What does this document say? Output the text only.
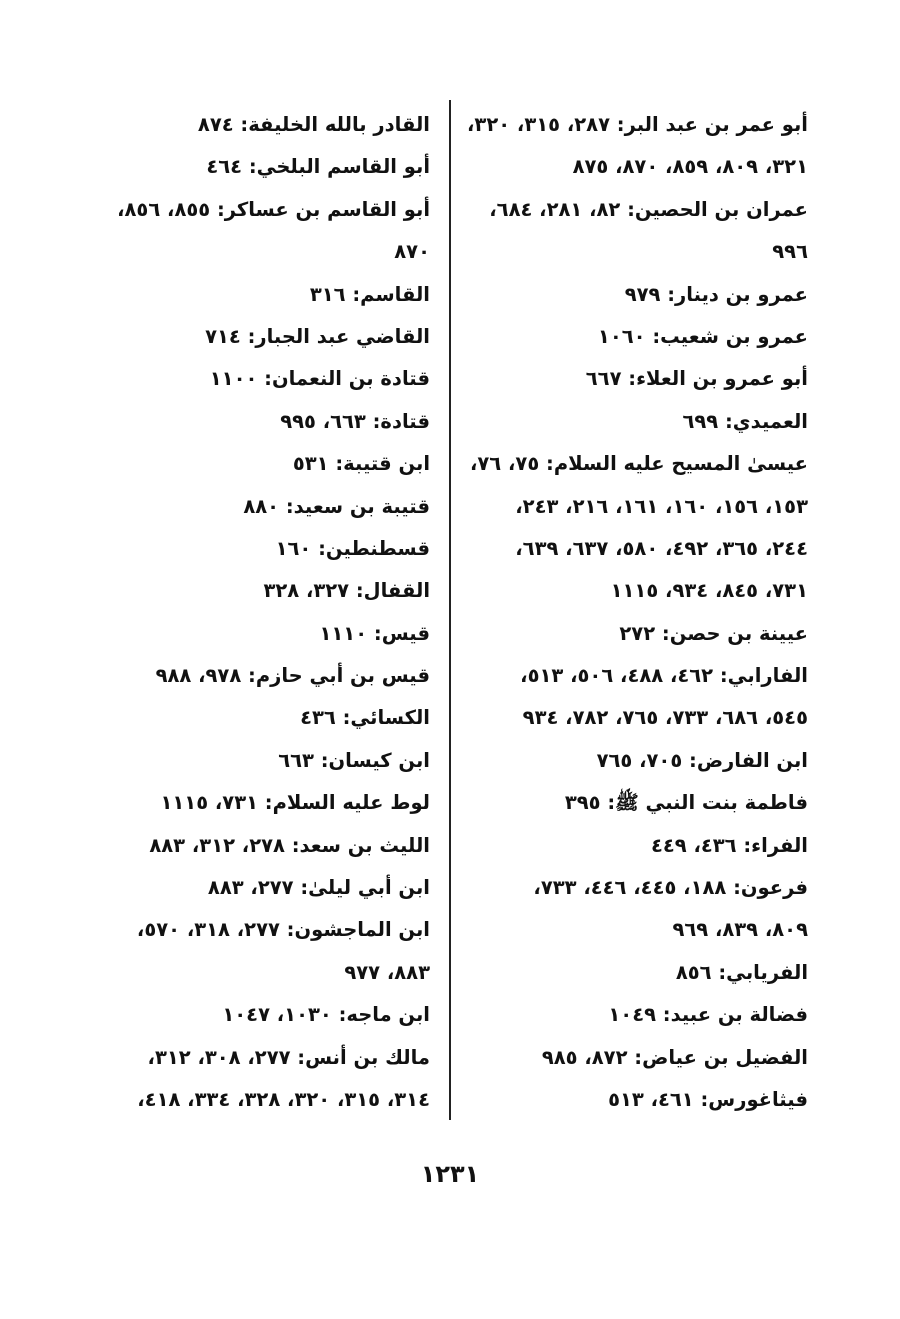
أبو عمر بن عبد البر: ٢٨٧، ٣١٥، ٣٢٠،
٣٢١، ٨٠٩، ٨٥٩، ٨٧٠، ٨٧٥
عمران بن الحصين: ٨٢، ٢٨١، ٦٨٤،
٩٩٦
عمرو بن دينار: ٩٧٩
عمرو بن شعيب: ١٠٦٠
أبو عمرو بن العلاء: ٦٦٧
العميدي: ٦٩٩
عيسىٰ المسيح عليه السلام: ٧٥، ٧٦،
١٥٣، ١٥٦، ١٦٠، ١٦١، ٢١٦، ٢٤٣،
٢٤٤، ٣٦٥، ٤٩٢، ٥٨٠، ٦٣٧، ٦٣٩،
٧٣١، ٨٤٥، ٩٣٤، ١١١٥
عيينة بن حصن: ٢٧٢
الفارابي: ٤٦٢، ٤٨٨، ٥٠٦، ٥١٣،
٥٤٥، ٦٨٦، ٧٣٣، ٧٦٥، ٧٨٢، ٩٣٤
ابن الفارض: ٧٠٥، ٧٦٥
فاطمة بنت النبي ﷺ: ٣٩٥
الفراء: ٤٣٦، ٤٤٩
فرعون: ١٨٨، ٤٤٥، ٤٤٦، ٧٣٣،
٨٠٩، ٨٣٩، ٩٦٩
الفريابي: ٨٥٦
فضالة بن عبيد: ١٠٤٩
الفضيل بن عياض: ٨٧٢، ٩٨٥
فيثاغورس: ٤٦١، ٥١٣
القادر بالله الخليفة: ٨٧٤
أبو القاسم البلخي: ٤٦٤
أبو القاسم بن عساكر: ٨٥٥، ٨٥٦،
٨٧٠
القاسم: ٣١٦
القاضي عبد الجبار: ٧١٤
قتادة بن النعمان: ١١٠٠
قتادة: ٦٦٣، ٩٩٥
ابن قتيبة: ٥٣١
قتيبة بن سعيد: ٨٨٠
قسطنطين: ١٦٠
القفال: ٣٢٧، ٣٢٨
قيس: ١١١٠
قيس بن أبي حازم: ٩٧٨، ٩٨٨
الكسائي: ٤٣٦
ابن كيسان: ٦٦٣
لوط عليه السلام: ٧٣١، ١١١٥
الليث بن سعد: ٢٧٨، ٣١٢، ٨٨٣
ابن أبي ليلىٰ: ٢٧٧، ٨٨٣
ابن الماجشون: ٢٧٧، ٣١٨، ٥٧٠،
٨٨٣، ٩٧٧
ابن ماجه: ١٠٣٠، ١٠٤٧
مالك بن أنس: ٢٧٧، ٣٠٨، ٣١٢،
٣١٤، ٣١٥، ٣٢٠، ٣٢٨، ٣٣٤، ٤١٨،
١٢٣١
